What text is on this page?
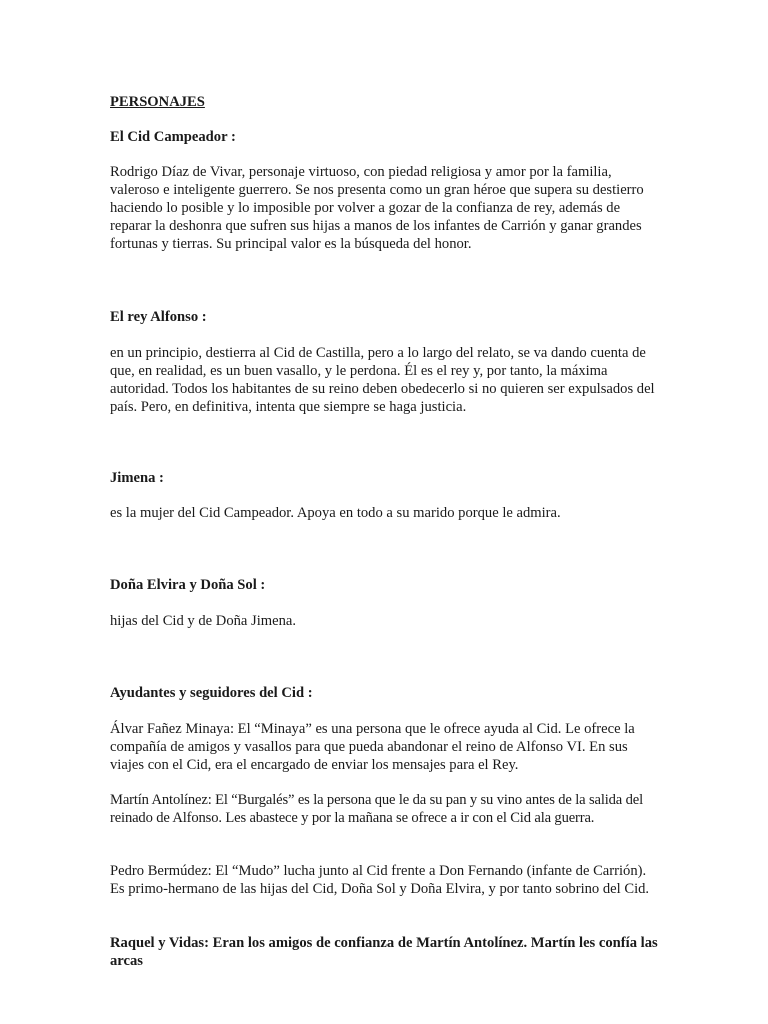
PERSONAJES

El Cid Campeador :

Rodrigo Díaz de Vivar, personaje virtuoso, con piedad religiosa y amor por la familia, valeroso e inteligente guerrero. Se nos presenta como un gran héroe que supera su destierro haciendo lo posible y lo imposible por volver a gozar de la confianza de rey, además de reparar la deshonra que sufren sus hijas a manos de los infantes de Carrión y ganar grandes fortunas y tierras. Su principal valor es la búsqueda del honor.

El rey Alfonso :

en un principio, destierra al Cid de Castilla, pero a lo largo del relato, se va dando cuenta de que, en realidad, es un buen vasallo, y le perdona. Él es el rey y, por tanto, la máxima autoridad. Todos los habitantes de su reino deben obedecerlo si no quieren ser expulsados del país. Pero, en definitiva, intenta que siempre se haga justicia.

Jimena :

es la mujer del Cid Campeador. Apoya en todo a su marido porque le admira.

Doña Elvira y Doña Sol :

hijas del Cid y de Doña Jimena.

Ayudantes y seguidores del Cid :

Álvar Fañez Minaya: El “Minaya” es una persona que le ofrece ayuda al Cid. Le ofrece la compañía de amigos y vasallos para que pueda abandonar el reino de Alfonso VI. En sus viajes con el Cid, era el encargado de enviar los mensajes para el Rey.

Martín Antolínez: El “Burgalés” es la persona que le da su pan y su vino antes de la salida del reinado de Alfonso. Les abastece y por la mañana se ofrece a ir con el Cid ala guerra.

Pedro Bermúdez: El “Mudo” lucha junto al Cid frente a Don Fernando (infante de Carrión). Es primo-hermano de las hijas del Cid, Doña Sol y Doña Elvira, y por tanto sobrino del Cid.

Raquel y Vidas: Eran los amigos de confianza de Martín Antolínez. Martín les confía las arcas
